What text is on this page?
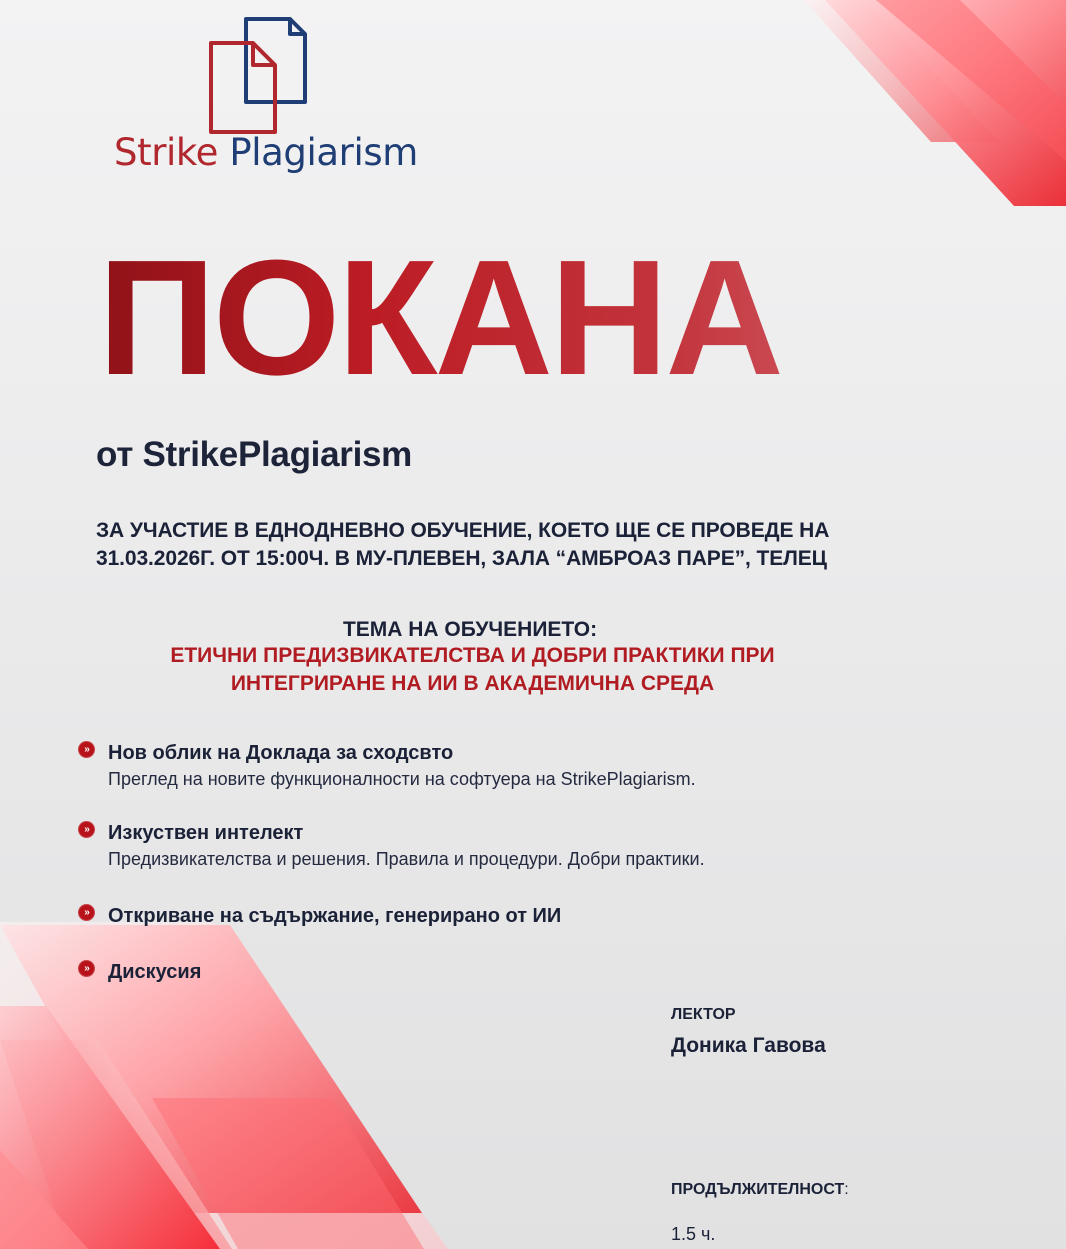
Strike Plagiarism
ПОКАНА
от StrikePlagiarism
ЗА УЧАСТИЕ В ЕДНОДНЕВНО ОБУЧЕНИЕ, КОЕТО ЩЕ СЕ ПРОВЕДЕ НА
31.03.2026Г. ОТ 15:00Ч. В МУ-ПЛЕВЕН, ЗАЛА “АМБРОАЗ ПАРЕ”, ТЕЛЕЦ
ТЕМА НА ОБУЧЕНИЕТО:
ЕТИЧНИ ПРЕДИЗВИКАТЕЛСТВА И ДОБРИ ПРАКТИКИ ПРИ
ИНТЕГРИРАНЕ НА ИИ В АКАДЕМИЧНА СРЕДА
» Нов облик на Доклада за сходсвто
Преглед на новите функционалности на софтуера на StrikePlagiarism.
» Изкуствен интелект
Предизвикателства и решения. Правила и процедури. Добри практики.
» Откриване на съдържание, генерирано от ИИ
» Дискусия
ЛЕКТОР
Доника Гавова
ПРОДЪЛЖИТЕЛНОСТ:
1.5 ч.
